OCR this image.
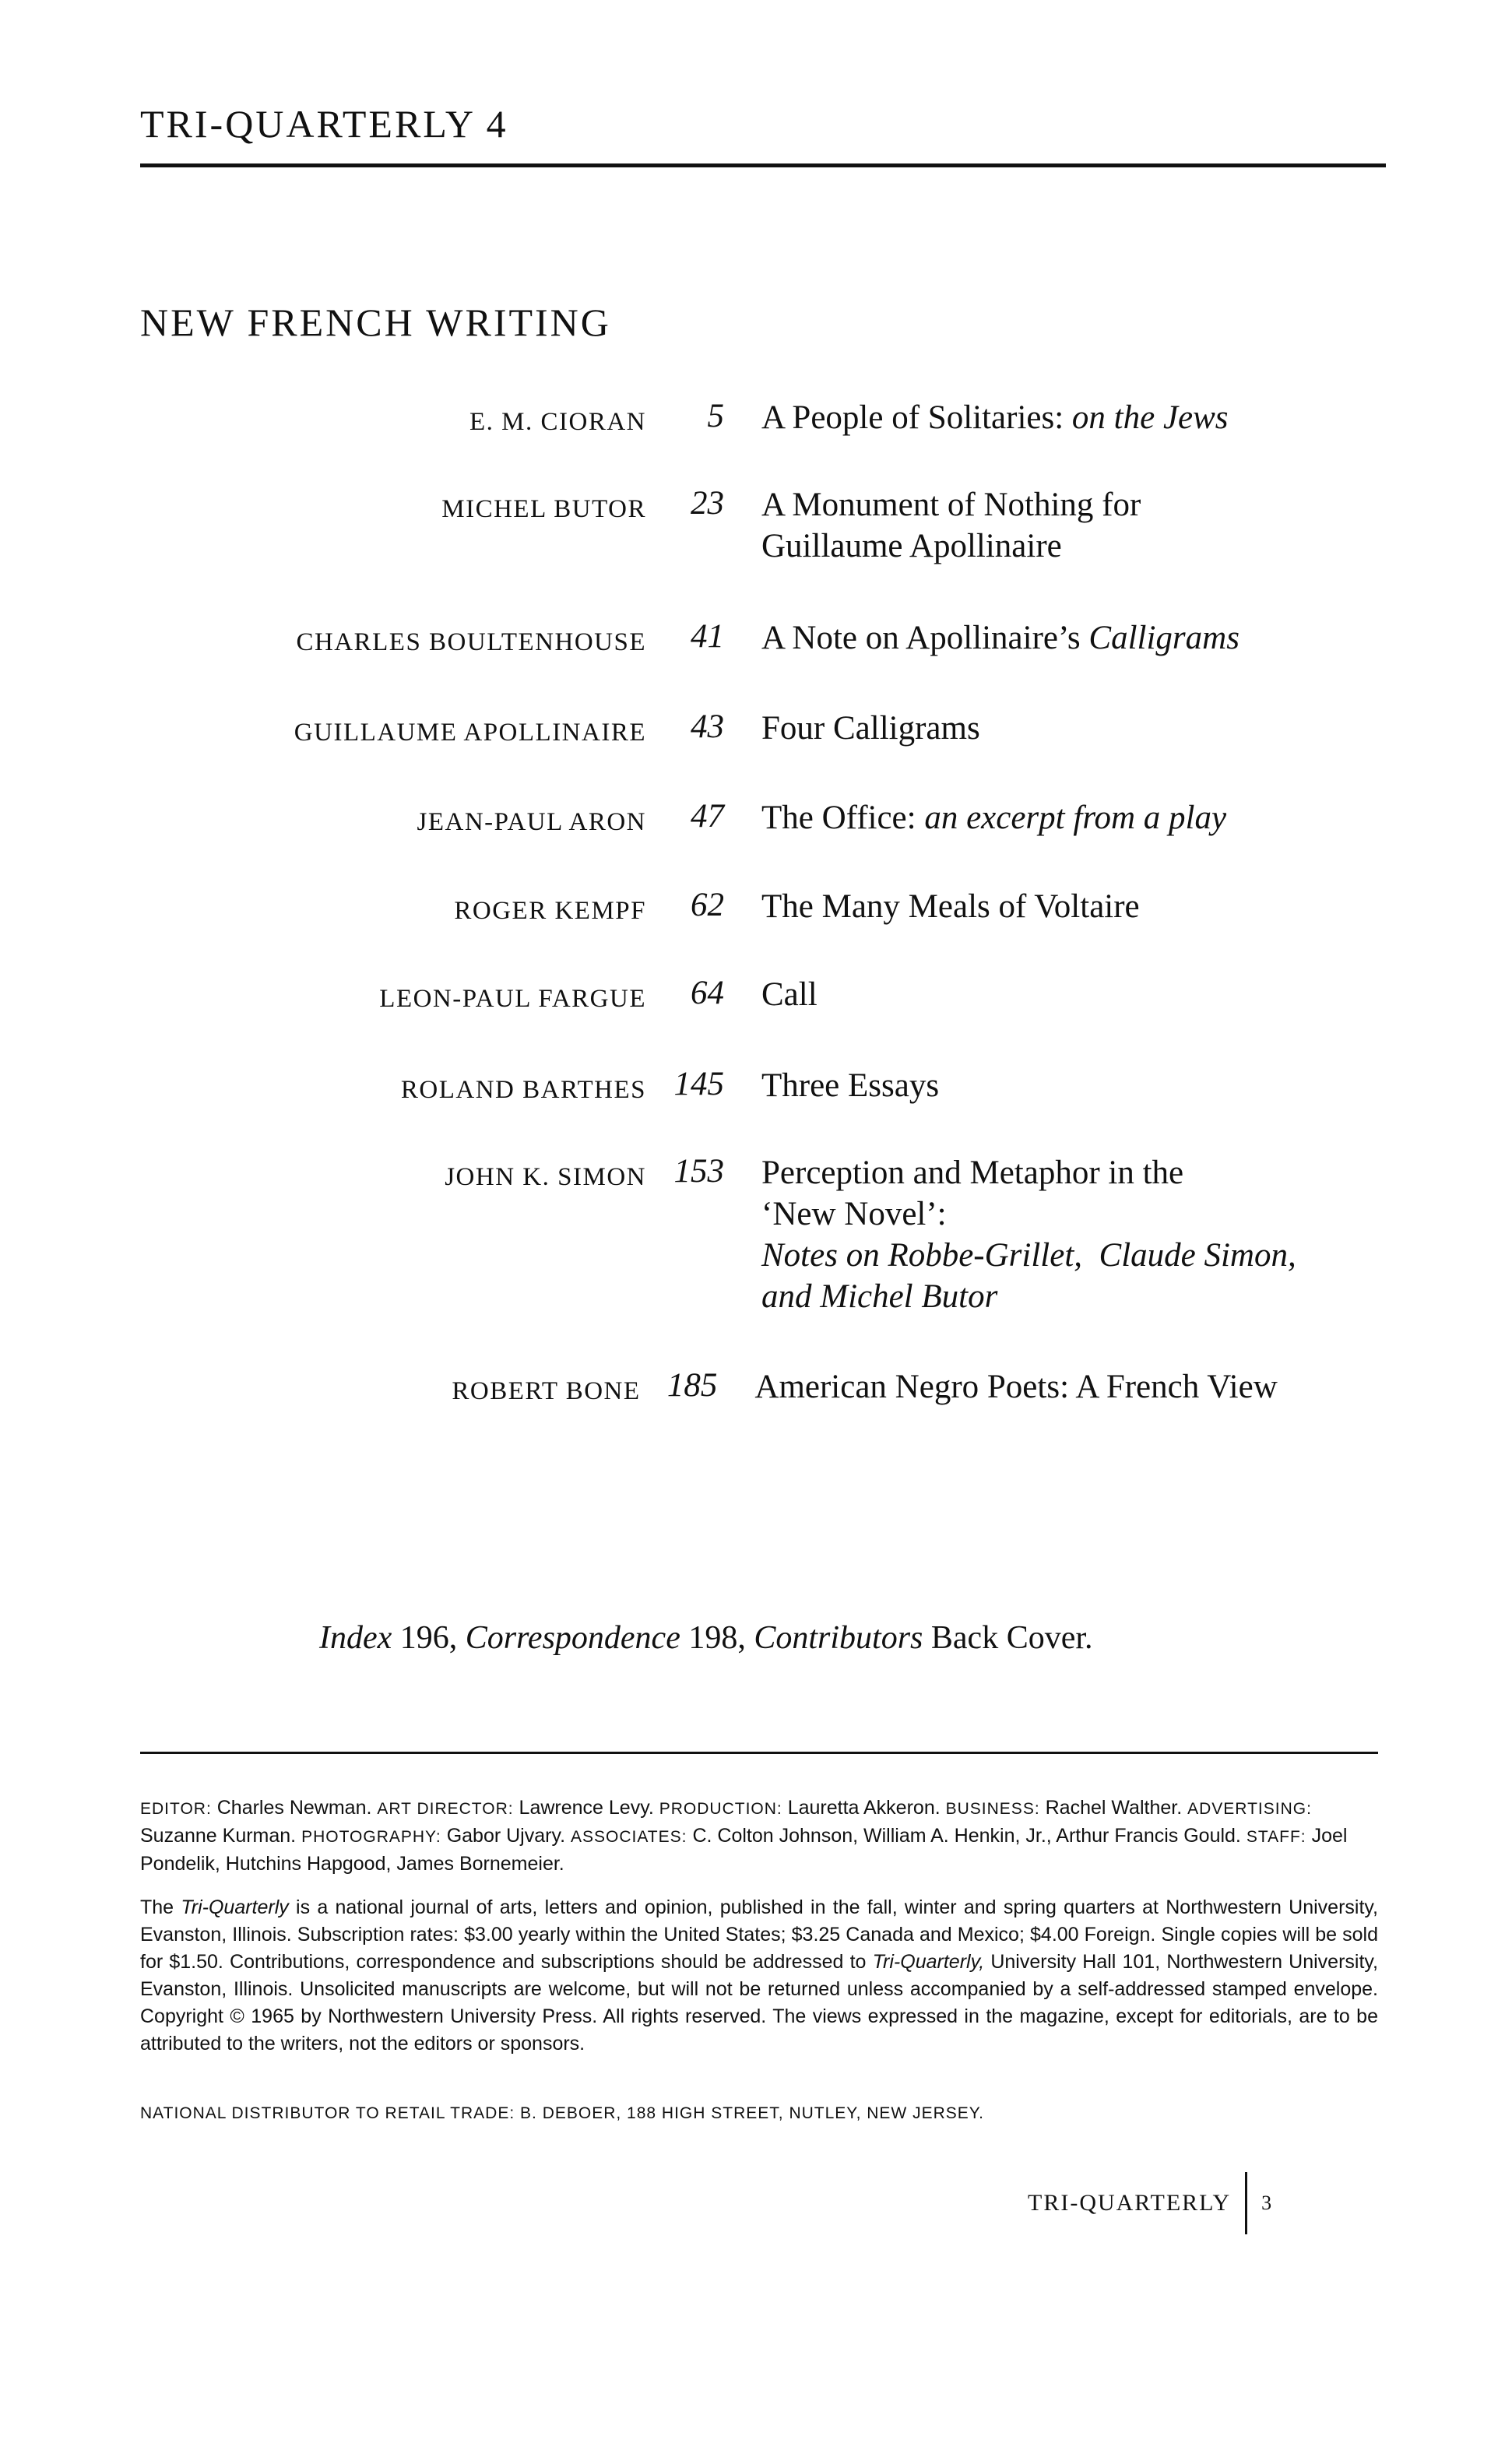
TRI-QUARTERLY 4
NEW FRENCH WRITING
E. M. CIORAN	5 A People of Solitaries: on the Jews
MICHEL BUTOR	23 A Monument of Nothing for
Guillaume Apollinaire
CHARLES BOULTENHOUSE	41 A Note on Apollinaire’s Calligrams
GUILLAUME APOLLINAIRE	43 Four Calligrams
JEAN-PAUL ARON	47 The Office: an excerpt from a play
ROGER KEMPF	62 The Many Meals of Voltaire
LEON-PAUL FARGUE	64 Call
ROLAND BARTHES 145 Three Essays
JOHN K. SIMON 153 Perception and Metaphor in the
‘New Novel’:
Notes on Robbe-Grillet,  Claude Simon,
and Michel Butor
ROBERT BONE 185 American Negro Poets: A French View
Index 196, Correspondence 198, Contributors Back Cover.
EDITOR: Charles Newman. ART DIRECTOR: Lawrence Levy. PRODUCTION: Lauretta Akkeron. BUSINESS: Rachel Walther. ADVERTISING: Suzanne Kurman. PHOTOGRAPHY: Gabor Ujvary. ASSOCIATES: C. Colton Johnson, William A. Henkin, Jr., Arthur Francis Gould. STAFF: Joel Pondelik, Hutchins Hapgood, James Bornemeier.
The Tri-Quarterly is a national journal of arts, letters and opinion, published in the fall, winter and spring quarters at Northwestern University, Evanston, Illinois. Subscription rates: $3.00 yearly within the United States; $3.25 Canada and Mexico; $4.00 Foreign. Single copies will be sold for $1.50. Contributions, correspondence and subscriptions should be addressed to Tri-Quarterly, University Hall 101, Northwestern University, Evanston, Illinois. Unsolicited manuscripts are welcome, but will not be returned unless accompanied by a self-addressed stamped envelope. Copyright © 1965 by Northwestern University Press. All rights reserved. The views expressed in the magazine, except for editorials, are to be attributed to the writers, not the editors or sponsors.
NATIONAL DISTRIBUTOR TO RETAIL TRADE: B. DEBOER, 188 HIGH STREET, NUTLEY, NEW JERSEY.
TRI-QUARTERLY 3
